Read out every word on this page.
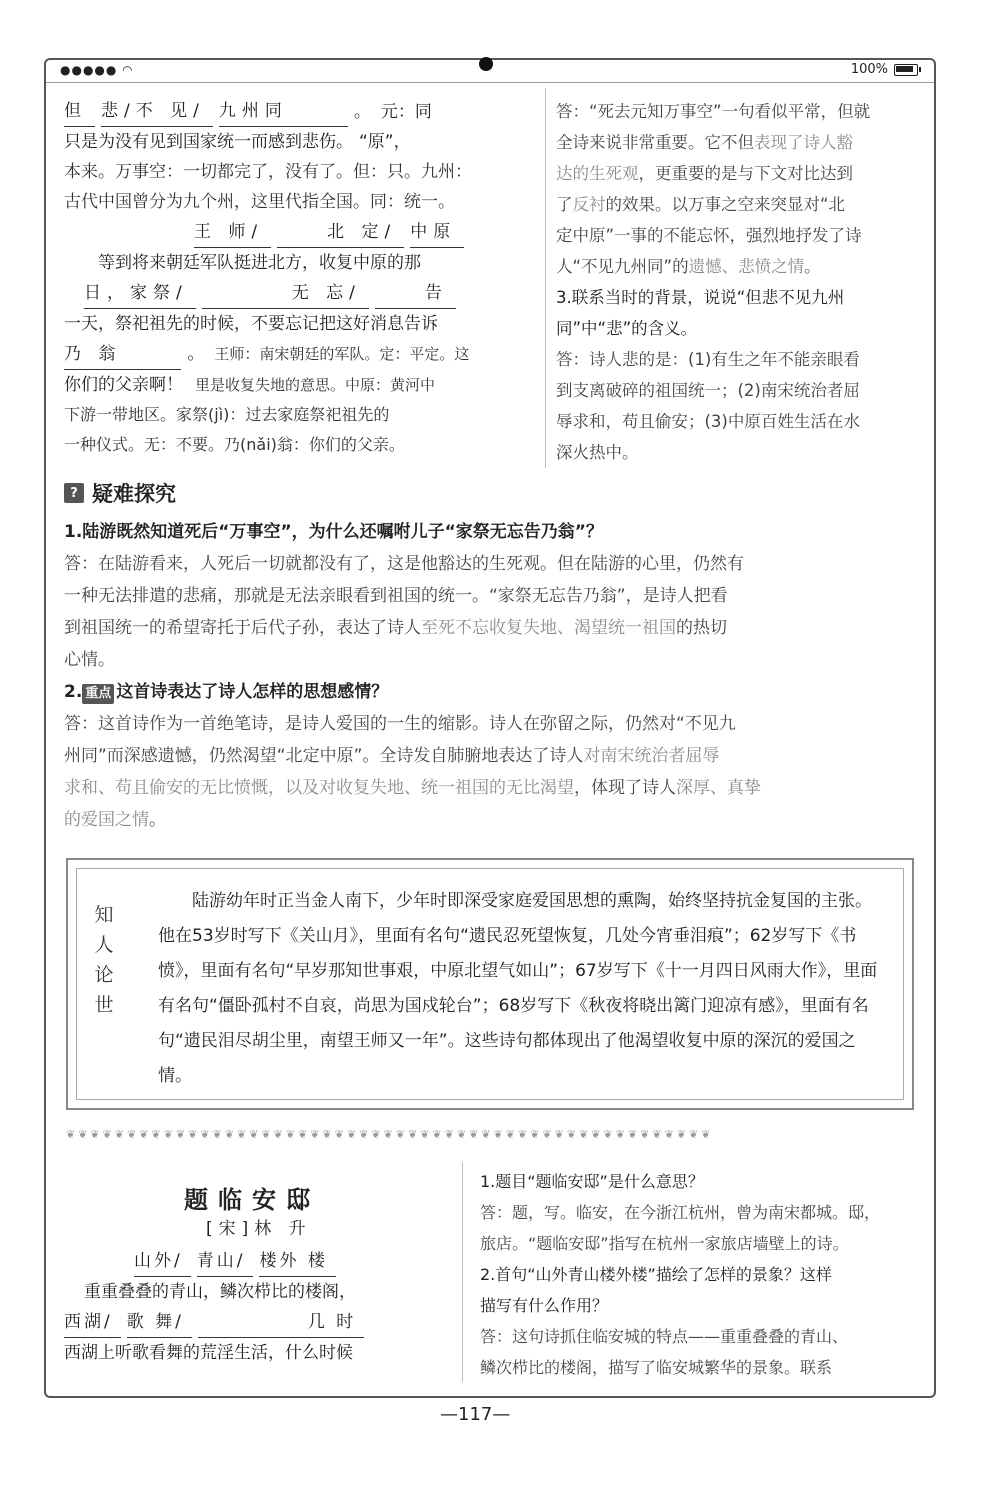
●●●●● ◠	100%
但 悲/不 见/ 九州同	。 元：同

只是为没有见到国家统一而感到悲伤。 “原”，

本来。万事空：一切都完了，没有了。但：只。九州：

古代中国曾分为九个州，这里代指全国。同：统一。

王 师/	北 定/ 中原

等到将来朝廷军队挺进北方，收复中原的那

日，家祭/	无 忘/	告

一天，祭祀祖先的时候，不要忘记把这好消息告诉

乃 翁	。 王师：南宋朝廷的军队。定：平定。这
你们的父亲啊！ 里是收复失地的意思。中原：黄河中

下游一带地区。家祭(jì)：过去家庭祭祀祖先的

一种仪式。无：不要。乃(nǎi)翁：你们的父亲。

答：“死去元知万事空”一句看似平常，但就

全诗来说非常重要。它不但表现了诗人豁

达的生死观，更重要的是与下文对比达到

了反衬的效果。以万事之空来突显对“北

定中原”一事的不能忘怀，强烈地抒发了诗

人“不见九州同”的遗憾、悲愤之情。

3.联系当时的背景，说说“但悲不见九州

同”中“悲”的含义。

答：诗人悲的是：(1)有生之年不能亲眼看

到支离破碎的祖国统一；(2)南宋统治者屈

辱求和，苟且偷安；(3)中原百姓生活在水

深火热中。

? 疑难探究

1.陆游既然知道死后“万事空”，为什么还嘱咐儿子“家祭无忘告乃翁”？

答：在陆游看来，人死后一切就都没有了，这是他豁达的生死观。但在陆游的心里，仍然有

一种无法排遣的悲痛，那就是无法亲眼看到祖国的统一。“家祭无忘告乃翁”，是诗人把看

到祖国统一的希望寄托于后代子孙，表达了诗人至死不忘收复失地、渴望统一祖国的热切

心情。

2. 重点 这首诗表达了诗人怎样的思想感情？

答：这首诗作为一首绝笔诗，是诗人爱国的一生的缩影。诗人在弥留之际，仍然对“不见九

州同”而深感遗憾，仍然渴望“北定中原”。全诗发自肺腑地表达了诗人对南宋统治者屈辱

求和、苟且偷安的无比愤慨，以及对收复失地、统一祖国的无比渴望，体现了诗人深厚、真挚

的爱国之情。

知人论世
陆游幼年时正当金人南下，少年时即深受家庭爱国思想的熏陶，始终坚持抗金复国的主张。他在53岁时写下《关山月》，里面有名句“遗民忍死望恢复，几处今宵垂泪痕”；62岁写下《书愤》，里面有名句“早岁那知世事艰，中原北望气如山”；67岁写下《十一月四日风雨大作》，里面有名句“僵卧孤村不自哀，尚思为国戍轮台”；68岁写下《秋夜将晓出篱门迎凉有感》，里面有名句“遗民泪尽胡尘里，南望王师又一年”。这些诗句都体现出了他渴望收复中原的深沉的爱国之情。
❦❦❦❦❦❦❦❦❦❦❦❦❦❦❦❦❦❦❦❦❦❦❦❦❦❦❦❦❦❦❦❦❦❦❦❦❦❦❦❦❦❦❦❦❦❦❦❦❦❦❦❦❦
题临安邸
[宋]林 升
山外/ 青山/ 楼外 楼

重重叠叠的青山，鳞次栉比的楼阁，

西湖/ 歌 舞/	几 时

西湖上听歌看舞的荒淫生活，什么时候

1.题目“题临安邸”是什么意思？

答：题，写。临安，在今浙江杭州，曾为南宋都城。邸，

旅店。“题临安邸”指写在杭州一家旅店墙壁上的诗。

2.首句“山外青山楼外楼”描绘了怎样的景象？这样

描写有什么作用？

答：这句诗抓住临安城的特点——重重叠叠的青山、

鳞次栉比的楼阁，描写了临安城繁华的景象。联系

—117—
